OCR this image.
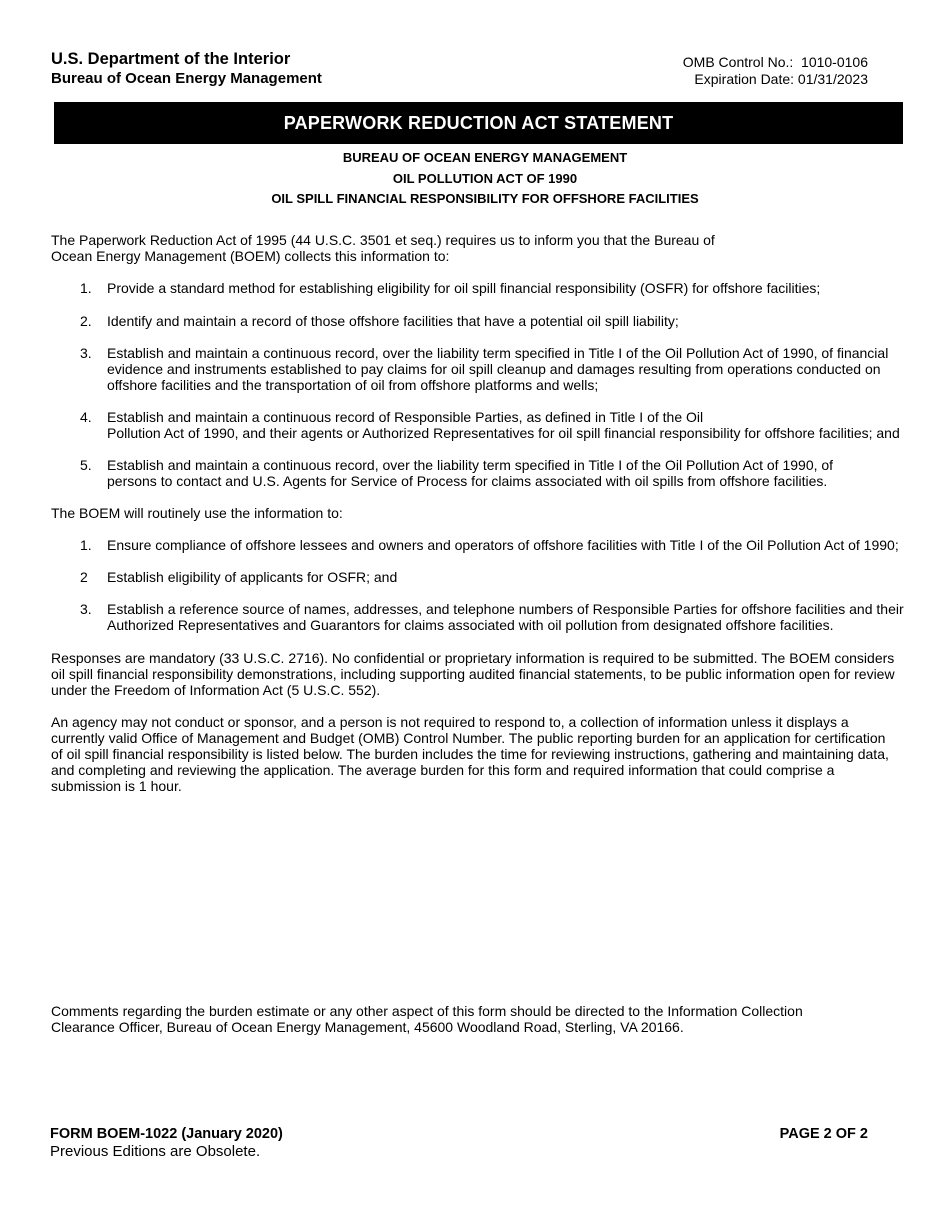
U.S. Department of the Interior
Bureau of Ocean Energy Management
OMB Control No.:  1010-0106
Expiration Date: 01/31/2023
PAPERWORK REDUCTION ACT STATEMENT
BUREAU OF OCEAN ENERGY MANAGEMENT
OIL POLLUTION ACT OF 1990
OIL SPILL FINANCIAL RESPONSIBILITY FOR OFFSHORE FACILITIES
The Paperwork Reduction Act of 1995 (44 U.S.C. 3501 et seq.) requires us to inform you that the Bureau of
Ocean Energy Management (BOEM) collects this information to:
1. Provide a standard method for establishing eligibility for oil spill financial responsibility (OSFR) for offshore facilities;
2. Identify and maintain a record of those offshore facilities that have a potential oil spill liability;
3. Establish and maintain a continuous record, over the liability term specified in Title I of the Oil Pollution Act of 1990, of financial evidence and instruments established to pay claims for oil spill cleanup and damages resulting from operations conducted on offshore facilities and the transportation of oil from offshore platforms and wells;
4. Establish and maintain a continuous record of Responsible Parties, as defined in Title I of the Oil
Pollution Act of 1990, and their agents or Authorized Representatives for oil spill financial responsibility for offshore facilities; and
5. Establish and maintain a continuous record, over the liability term specified in Title I of the Oil Pollution Act of 1990, of
persons to contact and U.S. Agents for Service of Process for claims associated with oil spills from offshore facilities.
The BOEM will routinely use the information to:
1. Ensure compliance of offshore lessees and owners and operators of offshore facilities with Title I of the Oil Pollution Act of 1990;
2 Establish eligibility of applicants for OSFR; and
3. Establish a reference source of names, addresses, and telephone numbers of Responsible Parties for offshore facilities and their Authorized Representatives and Guarantors for claims associated with oil pollution from designated offshore facilities.
Responses are mandatory (33 U.S.C. 2716). No confidential or proprietary information is required to be submitted. The BOEM considers oil spill financial responsibility demonstrations, including supporting audited financial statements, to be public information open for review under the Freedom of Information Act (5 U.S.C. 552).
An agency may not conduct or sponsor, and a person is not required to respond to, a collection of information unless it displays a currently valid Office of Management and Budget (OMB) Control Number. The public reporting burden for an application for certification of oil spill financial responsibility is listed below. The burden includes the time for reviewing instructions, gathering and maintaining data, and completing and reviewing the application. The average burden for this form and required information that could comprise a submission is 1 hour.
Comments regarding the burden estimate or any other aspect of this form should be directed to the Information Collection
Clearance Officer, Bureau of Ocean Energy Management, 45600 Woodland Road, Sterling, VA 20166.
FORM BOEM-1022 (January 2020)
Previous Editions are Obsolete.
PAGE 2 OF 2
